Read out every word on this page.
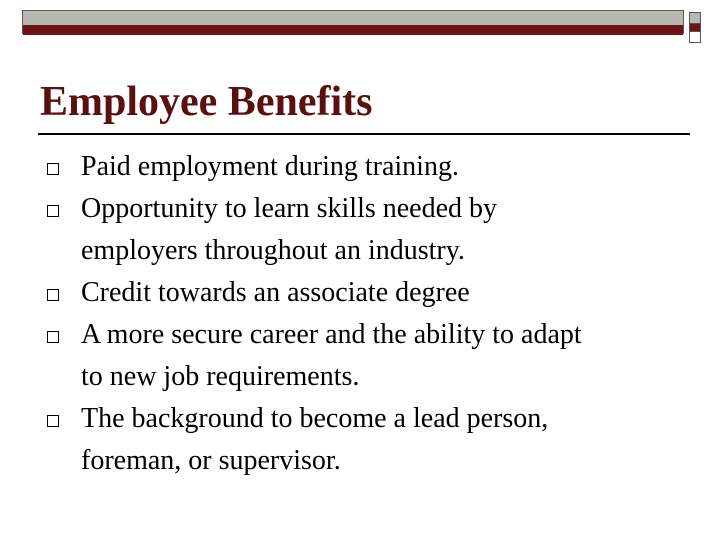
Employee Benefits
Paid employment during training.
Opportunity to learn skills needed by
employers throughout an industry.
Credit towards an associate degree
A more secure career and the ability to adapt
to new job requirements.
The background to become a lead person,
foreman, or supervisor.
